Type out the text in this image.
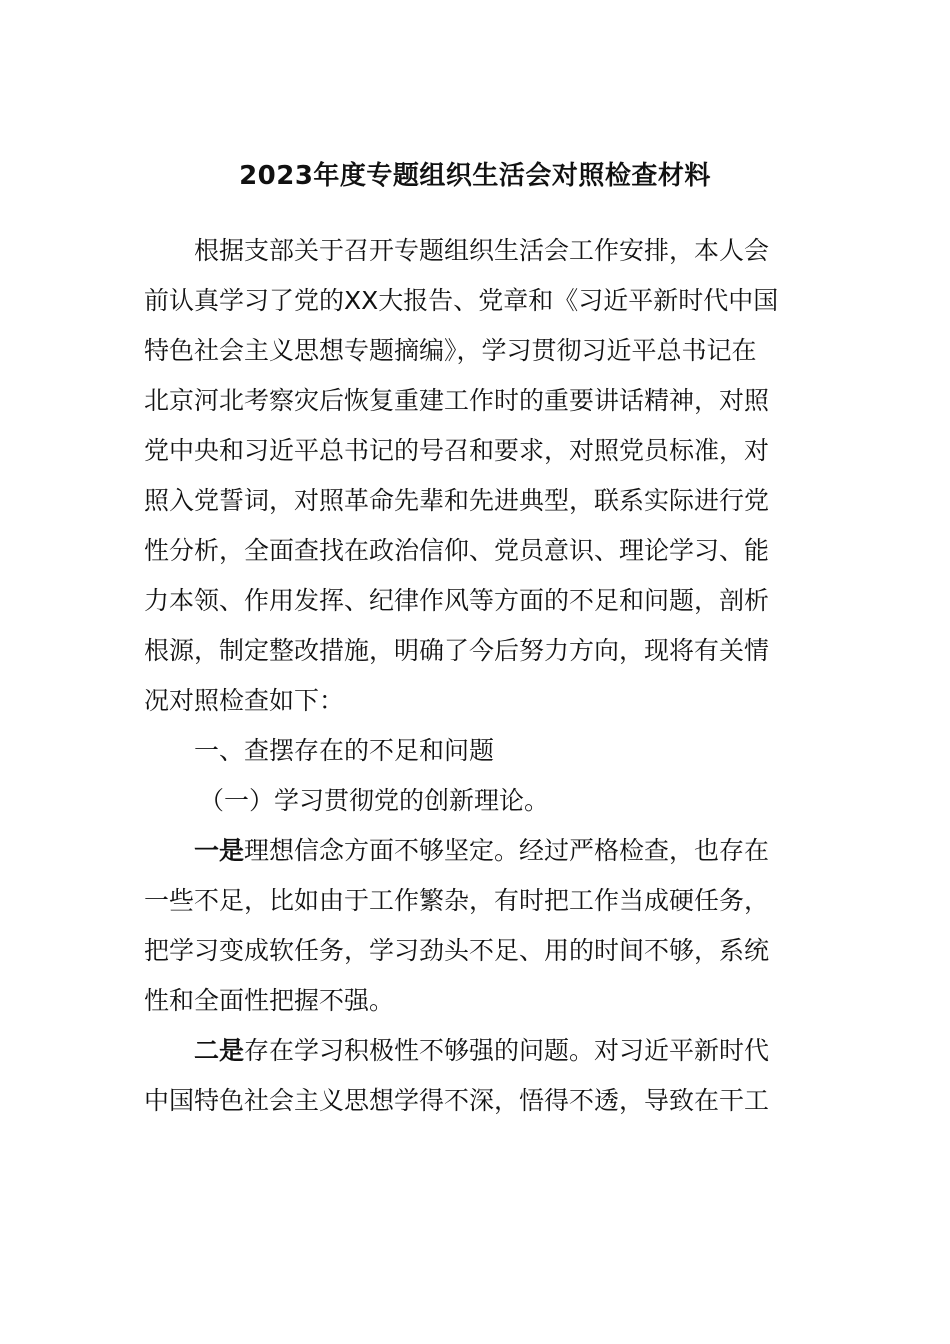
2023年度专题组织生活会对照检查材料
根据支部关于召开专题组织生活会工作安排，本人会
前认真学习了党的XX大报告、党章和《习近平新时代中国
特色社会主义思想专题摘编》，学习贯彻习近平总书记在
北京河北考察灾后恢复重建工作时的重要讲话精神，对照
党中央和习近平总书记的号召和要求，对照党员标准，对
照入党誓词，对照革命先辈和先进典型，联系实际进行党
性分析，全面查找在政治信仰、党员意识、理论学习、能
力本领、作用发挥、纪律作风等方面的不足和问题，剖析
根源，制定整改措施，明确了今后努力方向，现将有关情
况对照检查如下：
一、查摆存在的不足和问题
（一）学习贯彻党的创新理论。
一是理想信念方面不够坚定。经过严格检查，也存在
一些不足，比如由于工作繁杂，有时把工作当成硬任务，
把学习变成软任务，学习劲头不足、用的时间不够，系统
性和全面性把握不强。
二是存在学习积极性不够强的问题。对习近平新时代
中国特色社会主义思想学得不深，悟得不透，导致在干工
